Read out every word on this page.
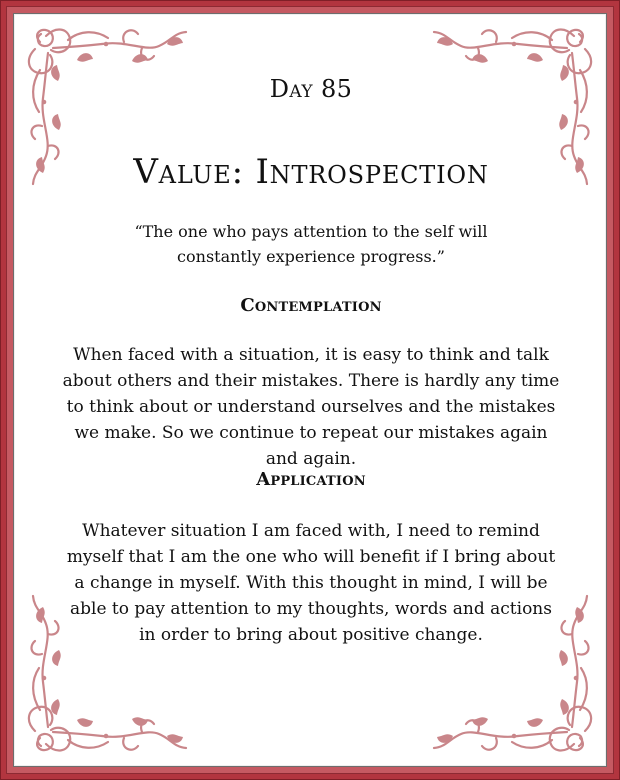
Day 85
Value: Introspection
“The one who pays attention to the self will constantly experience progress.”
Contemplation
When faced with a situation, it is easy to think and talk about others and their mistakes. There is hardly any time to think about or understand ourselves and the mistakes we make. So we continue to repeat our mistakes again and again.
Application
Whatever situation I am faced with, I need to remind myself that I am the one who will benefit if I bring about a change in myself. With this thought in mind, I will be able to pay attention to my thoughts, words and actions in order to bring about positive change.
